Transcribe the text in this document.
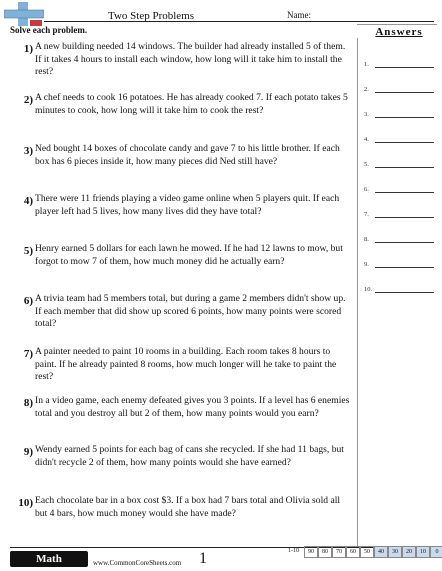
Two Step Problems	Name:
Solve each problem.	Answers
1) A new building needed 14 windows. The builder had already installed 5 of them. If it takes 4 hours to install each window, how long will it take him to install the rest?
2) A chef needs to cook 16 potatoes. He has already cooked 7. If each potato takes 5 minutes to cook, how long will it take him to cook the rest?
3) Ned bought 14 boxes of chocolate candy and gave 7 to his little brother. If each box has 6 pieces inside it, how many pieces did Ned still have?
4) There were 11 friends playing a video game online when 5 players quit. If each player left had 5 lives, how many lives did they have total?
5) Henry earned 5 dollars for each lawn he mowed. If he had 12 lawns to mow, but forgot to mow 7 of them, how much money did he actually earn?
6) A trivia team had 5 members total, but during a game 2 members didn't show up. If each member that did show up scored 6 points, how many points were scored total?
7) A painter needed to paint 10 rooms in a building. Each room takes 8 hours to paint. If he already painted 8 rooms, how much longer will he take to paint the rest?
8) In a video game, each enemy defeated gives you 3 points. If a level has 6 enemies total and you destroy all but 2 of them, how many points would you earn?
9) Wendy earned 5 points for each bag of cans she recycled. If she had 11 bags, but didn't recycle 2 of them, how many points would she have earned?
10) Each chocolate bar in a box cost $3. If a box had 7 bars total and Olivia sold all but 4 bars, how much money would she have made?
1.
2.
3.
4.
5.
6.
7.
8.
9.
10.
Math	www.CommonCoreSheets.com 1	1-10	90	80	70	60	50	40	30	20	10	0
